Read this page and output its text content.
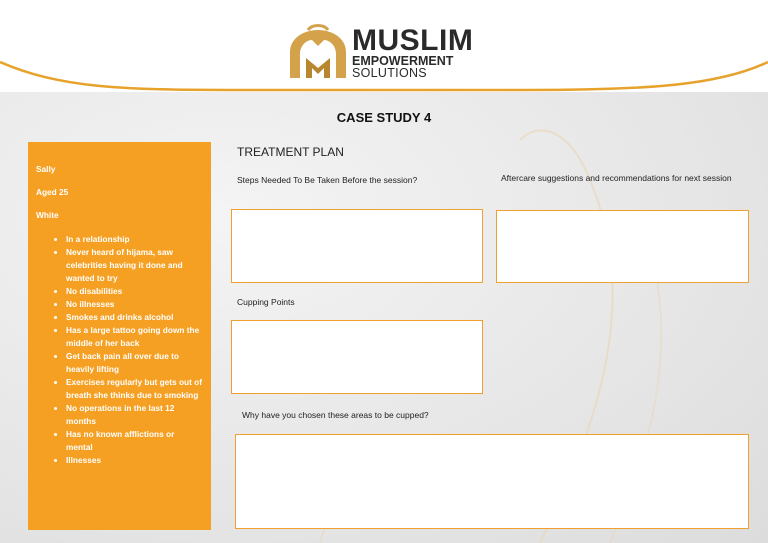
MUSLIM
EMPOWERMENT
SOLUTIONS
CASE STUDY 4

Sally

Aged 25

White

• In a relationship
• Never heard of hijama, saw celebrities having it done and wanted to try
• No disabilities
• No illnesses
• Smokes and drinks alcohol
• Has a large tattoo going down the middle of her back
• Get back pain all over due to heavily lifting
• Exercises regularly but gets out of breath she thinks due to smoking
• No operations in the last 12 months
• Has no known afflictions or mental
• Illnesses
TREATMENT PLAN
Steps Needed To Be Taken Before the session?	Aftercare suggestions and recommendations for next session
Cupping Points
Why have you chosen these areas to be cupped?
